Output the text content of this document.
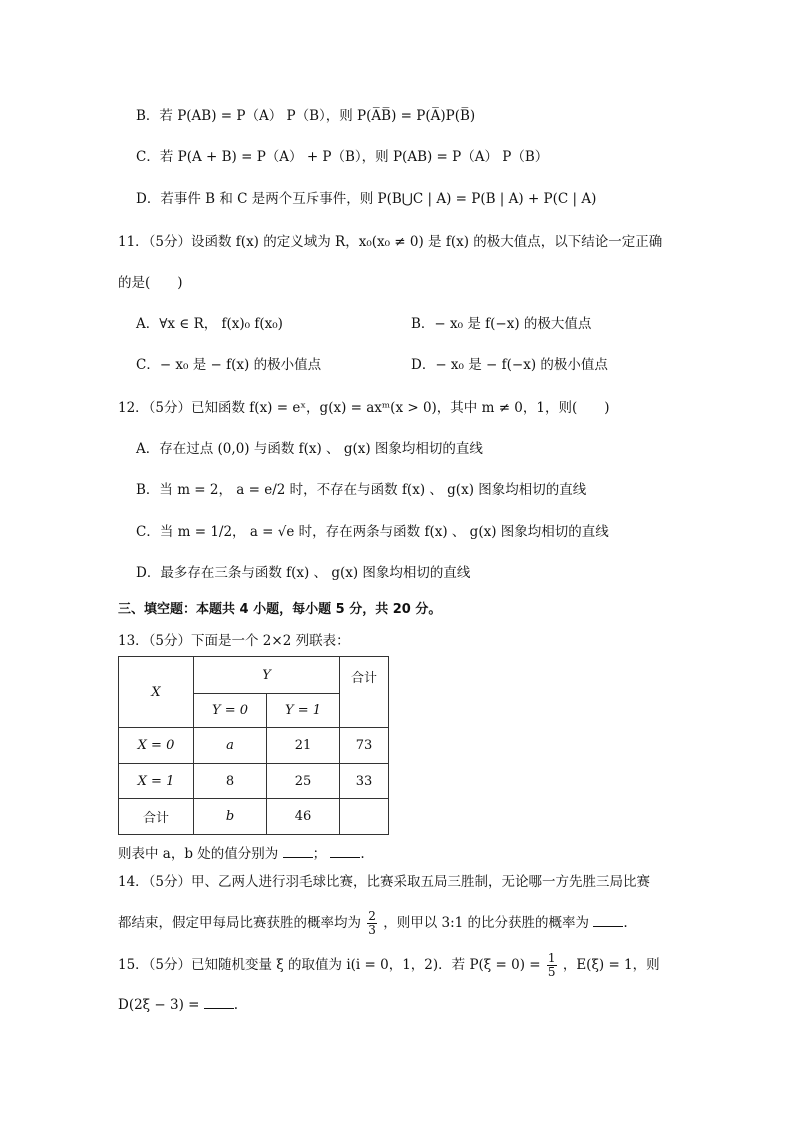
B．若 P(AB) = P（A） P（B），则 P(A̅B̅) = P(A̅)P(B̅)
C．若 P(A + B) = P（A） + P（B），则 P(AB) = P（A） P（B）
D．若事件 B 和 C 是两个互斥事件，则 P(B⋃C | A) = P(B | A) + P(C | A)
11．（5分）设函数 f(x) 的定义域为 R，x₀(x₀ ≠ 0) 是 f(x) 的极大值点，以下结论一定正确
的是(　　)
A．∀x ∈ R， f(x)₀ f(x₀)	B．− x₀ 是 f(−x) 的极大值点
C．− x₀ 是 − f(x) 的极小值点	D．− x₀ 是 − f(−x) 的极小值点
12．（5分）已知函数 f(x) = eˣ，g(x) = axᵐ(x > 0)，其中 m ≠ 0，1，则(　　)
A．存在过点 (0,0) 与函数 f(x) 、 g(x) 图象均相切的直线
B．当 m = 2， a = e/2 时，不存在与函数 f(x) 、 g(x) 图象均相切的直线
C．当 m = 1/2， a = √e 时，存在两条与函数 f(x) 、 g(x) 图象均相切的直线
D．最多存在三条与函数 f(x) 、 g(x) 图象均相切的直线
三、填空题：本题共 4 小题，每小题 5 分，共 20 分。
13．（5分）下面是一个 2×2 列联表：
X	Y		合计
	Y = 0	Y = 1	
X = 0	a	21	73
X = 1	8	25	33
合计	b	46	
则表中 a，b 处的值分别为	；	.
14．（5分）甲、乙两人进行羽毛球比赛，比赛采取五局三胜制，无论哪一方先胜三局比赛
都结束，假定甲每局比赛获胜的概率均为 $\frac{2}{3}$ ，则甲以 3:1 的比分获胜的概率为	.
15．（5分）已知随机变量 ξ 的取值为 i(i = 0，1，2)．若 $P(\xi = 0) = \frac{1}{5}$ ，E(ξ) = 1，则
D(2ξ − 3) =	.
